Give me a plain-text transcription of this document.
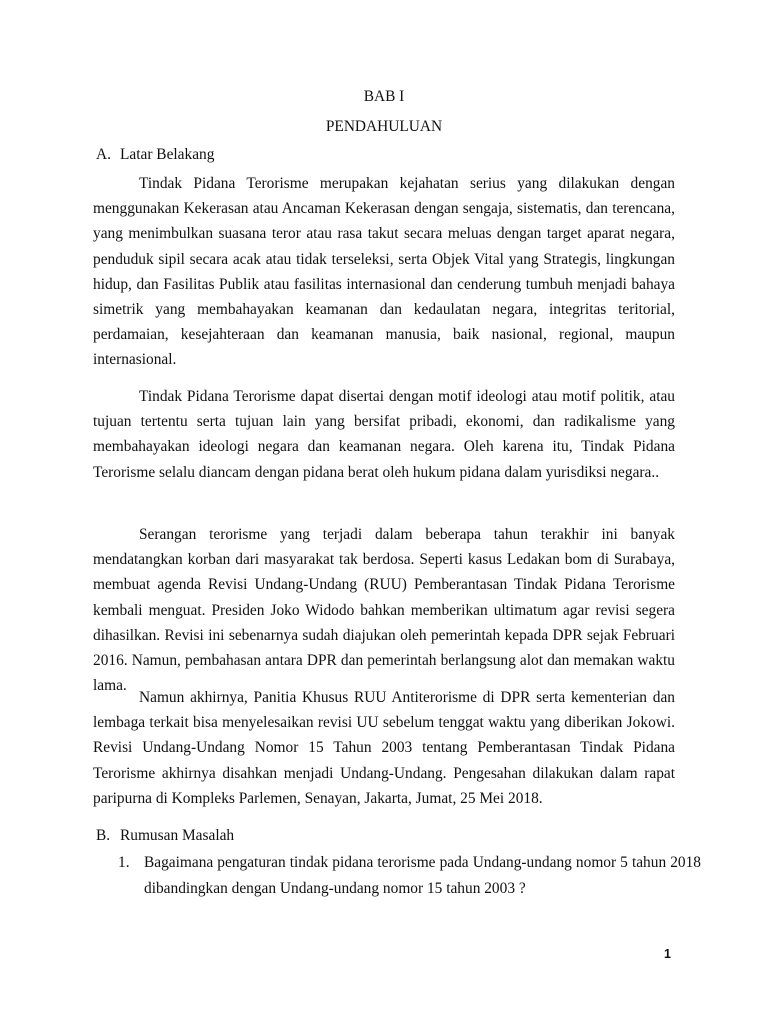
BAB I
PENDAHULUAN
A. Latar Belakang

Tindak Pidana Terorisme merupakan kejahatan serius yang dilakukan dengan menggunakan Kekerasan atau Ancaman Kekerasan dengan sengaja, sistematis, dan terencana, yang menimbulkan suasana teror atau rasa takut secara meluas dengan target aparat negara, penduduk sipil secara acak atau tidak terseleksi, serta Objek Vital yang Strategis, lingkungan hidup, dan Fasilitas Publik atau fasilitas internasional dan cenderung tumbuh menjadi bahaya simetrik yang membahayakan keamanan dan kedaulatan negara, integritas teritorial, perdamaian, kesejahteraan dan keamanan manusia, baik nasional, regional, maupun internasional.

Tindak Pidana Terorisme dapat disertai dengan motif ideologi atau motif politik, atau tujuan tertentu serta tujuan lain yang bersifat pribadi, ekonomi, dan radikalisme yang membahayakan ideologi negara dan keamanan negara. Oleh karena itu, Tindak Pidana Terorisme selalu diancam dengan pidana berat oleh hukum pidana dalam yurisdiksi negara..

Serangan terorisme yang terjadi dalam beberapa tahun terakhir ini banyak mendatangkan korban dari masyarakat tak berdosa. Seperti kasus Ledakan bom di Surabaya, membuat agenda Revisi Undang-Undang (RUU) Pemberantasan Tindak Pidana Terorisme kembali menguat. Presiden Joko Widodo bahkan memberikan ultimatum agar revisi segera dihasilkan. Revisi ini sebenarnya sudah diajukan oleh pemerintah kepada DPR sejak Februari 2016. Namun, pembahasan antara DPR dan pemerintah berlangsung alot dan memakan waktu lama.

Namun akhirnya, Panitia Khusus RUU Antiterorisme di DPR serta kementerian dan lembaga terkait bisa menyelesaikan revisi UU sebelum tenggat waktu yang diberikan Jokowi. Revisi Undang-Undang Nomor 15 Tahun 2003 tentang Pemberantasan Tindak Pidana Terorisme akhirnya disahkan menjadi Undang-Undang. Pengesahan dilakukan dalam rapat paripurna di Kompleks Parlemen, Senayan, Jakarta, Jumat, 25 Mei 2018.

B. Rumusan Masalah

1. Bagaimana pengaturan tindak pidana terorisme pada Undang-undang nomor 5 tahun 2018 dibandingkan dengan Undang-undang nomor 15 tahun 2003 ?

1
